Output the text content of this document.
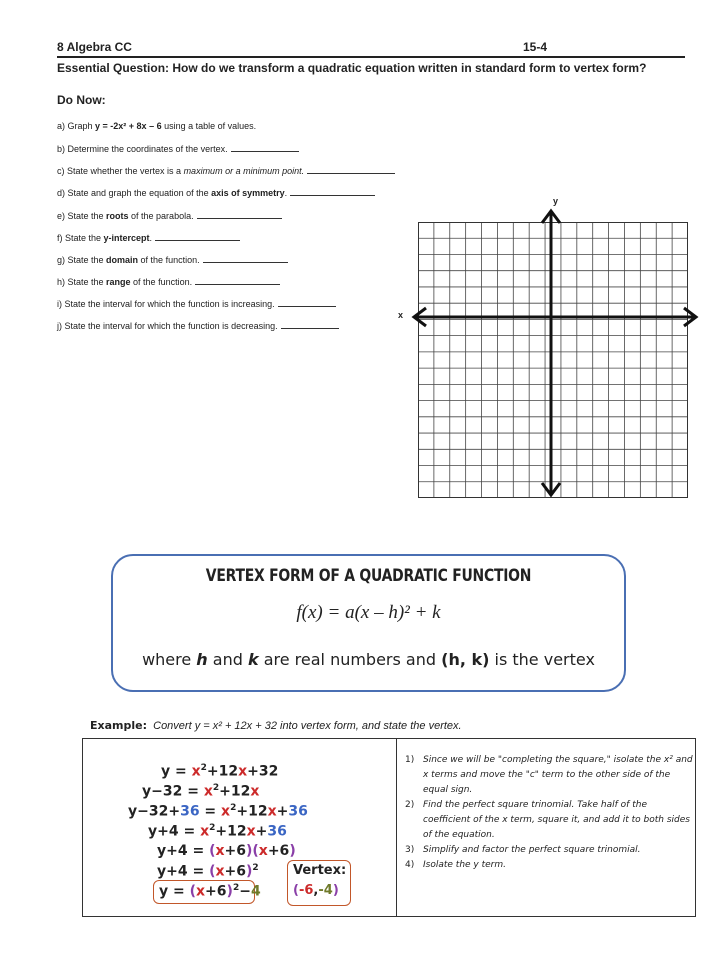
8 Algebra CC	15-4
Essential Question: How do we transform a quadratic equation written in standard form to vertex form?
Do Now:
a) Graph y = -2x² + 8x – 6 using a table of values.
b) Determine the coordinates of the vertex.
c) State whether the vertex is a maximum or a minimum point.
d) State and graph the equation of the axis of symmetry.
e) State the roots of the parabola.
f) State the y-intercept.
g) State the domain of the function.
h) State the range of the function.
i) State the interval for which the function is increasing.
j) State the interval for which the function is decreasing.
x
y
VERTEX FORM OF A QUADRATIC FUNCTION
f(x) = a(x – h)² + k
where h and k are real numbers and (h, k) is the vertex
Example: Convert y = x² + 12x + 32 into vertex form, and state the vertex.
$y = x^2+12x+32$
$y-32 = x^2+12x$
$y-32+36 = x^2+12x+36$
$y+4 = x^2+12x+36$
y+4 = (x+6)(x+6)
$y+4 = (x+6)^2$
$y = (x+6)^2-4$
Vertex:
(-6,-4)
1) Since we will be "completing the square," isolate the x² and x terms and move the "c" term to the other side of the equal sign.
2) Find the perfect square trinomial. Take half of the coefficient of the x term, square it, and add it to both sides of the equation.
3) Simplify and factor the perfect square trinomial.
4) Isolate the y term.
